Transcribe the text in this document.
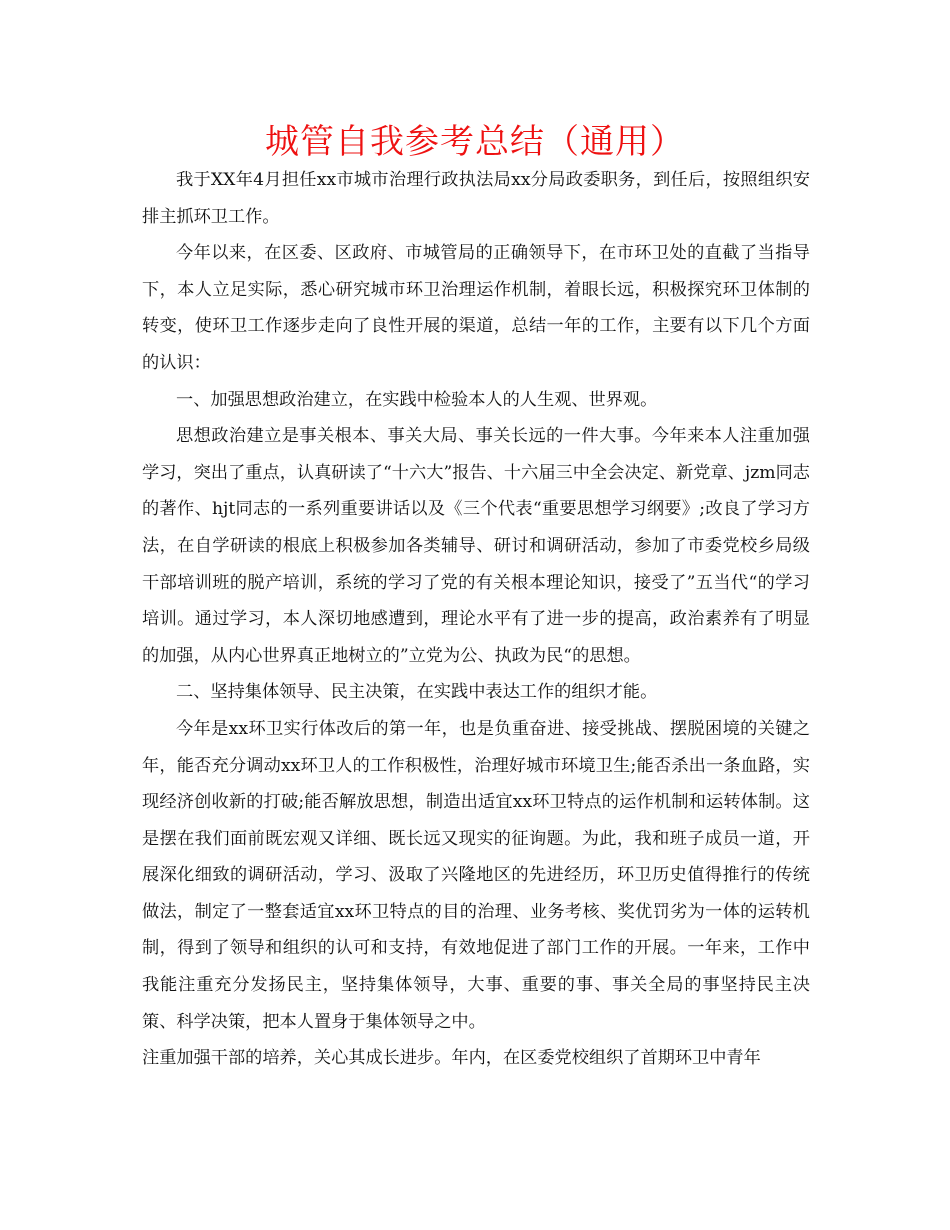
城管自我参考总结（通用）

我于XX年4月担任xx市城市治理行政执法局xx分局政委职务，到任后，按照组织安排主抓环卫工作。

今年以来，在区委、区政府、市城管局的正确领导下，在市环卫处的直截了当指导下，本人立足实际，悉心研究城市环卫治理运作机制，着眼长远，积极探究环卫体制的转变，使环卫工作逐步走向了良性开展的渠道，总结一年的工作，主要有以下几个方面的认识：

一、加强思想政治建立，在实践中检验本人的人生观、世界观。

思想政治建立是事关根本、事关大局、事关长远的一件大事。今年来本人注重加强学习，突出了重点，认真研读了“十六大”报告、十六届三中全会决定、新党章、jzm同志的著作、hjt同志的一系列重要讲话以及《三个代表“重要思想学习纲要》;改良了学习方法，在自学研读的根底上积极参加各类辅导、研讨和调研活动，参加了市委党校乡局级干部培训班的脱产培训，系统的学习了党的有关根本理论知识，接受了”五当代“的学习培训。通过学习，本人深切地感遭到，理论水平有了进一步的提高，政治素养有了明显的加强，从内心世界真正地树立的”立党为公、执政为民“的思想。

二、坚持集体领导、民主决策，在实践中表达工作的组织才能。

今年是xx环卫实行体改后的第一年，也是负重奋进、接受挑战、摆脱困境的关键之年，能否充分调动xx环卫人的工作积极性，治理好城市环境卫生;能否杀出一条血路，实现经济创收新的打破;能否解放思想，制造出适宜xx环卫特点的运作机制和运转体制。这是摆在我们面前既宏观又详细、既长远又现实的征询题。为此，我和班子成员一道，开展深化细致的调研活动，学习、汲取了兴隆地区的先进经历，环卫历史值得推行的传统做法，制定了一整套适宜xx环卫特点的目的治理、业务考核、奖优罚劣为一体的运转机制，得到了领导和组织的认可和支持，有效地促进了部门工作的开展。一年来，工作中我能注重充分发扬民主，坚持集体领导，大事、重要的事、事关全局的事坚持民主决策、科学决策，把本人置身于集体领导之中。

注重加强干部的培养，关心其成长进步。年内，在区委党校组织了首期环卫中青年
